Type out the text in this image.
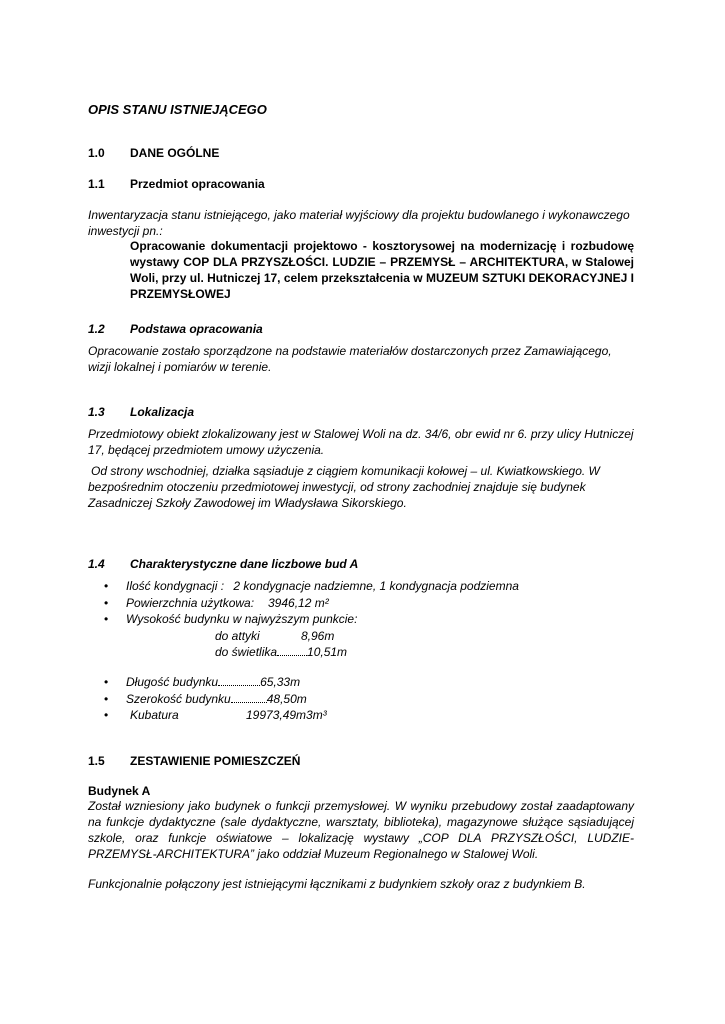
OPIS STANU ISTNIEJĄCEGO
1.0 DANE OGÓLNE
1.1 Przedmiot opracowania
Inwentaryzacja stanu istniejącego, jako materiał wyjściowy dla projektu budowlanego i wykonawczego inwestycji pn.:
Opracowanie dokumentacji projektowo - kosztorysowej na modernizację i rozbudowę wystawy COP DLA PRZYSZŁOŚCI. LUDZIE – PRZEMYSŁ – ARCHITEKTURA, w Stalowej Woli, przy ul. Hutniczej 17, celem przekształcenia w MUZEUM SZTUKI DEKORACYJNEJ I PRZEMYSŁOWEJ
1.2 Podstawa opracowania
Opracowanie zostało sporządzone na podstawie materiałów dostarczonych przez Zamawiającego, wizji lokalnej i pomiarów w terenie.
1.3 Lokalizacja
Przedmiotowy obiekt zlokalizowany jest w Stalowej Woli na dz. 34/6, obr ewid nr 6. przy ulicy Hutniczej 17, będącej przedmiotem umowy użyczenia.
Od strony wschodniej, działka sąsiaduje z ciągiem komunikacji kołowej – ul. Kwiatkowskiego. W bezpośrednim otoczeniu przedmiotowej inwestycji, od strony zachodniej znajduje się budynek Zasadniczej Szkoły Zawodowej im Władysława Sikorskiego.
1.4 Charakterystyczne dane liczbowe bud A
• Ilość kondygnacji : 2 kondygnacje nadziemne, 1 kondygnacja podziemna
• Powierzchnia użytkowa: 3946,12 m²
• Wysokość budynku w najwyższym punkcie:
do attyki	8,96m
do świetlika	10,51m
• Długość budynku	65,33m
• Szerokość budynku	48,50m
• Kubatura	19973,49m3m³
1.5 ZESTAWIENIE POMIESZCZEŃ
Budynek A
Został wzniesiony jako budynek o funkcji przemysłowej. W wyniku przebudowy został zaadaptowany na funkcje dydaktyczne (sale dydaktyczne, warsztaty, biblioteka), magazynowe służące sąsiadującej szkole, oraz funkcje oświatowe – lokalizację wystawy „COP DLA PRZYSZŁOŚCI, LUDZIE-PRZEMYSŁ-ARCHITEKTURA” jako oddział Muzeum Regionalnego w Stalowej Woli.
Funkcjonalnie połączony jest istniejącymi łącznikami z budynkiem szkoły oraz z budynkiem B.
